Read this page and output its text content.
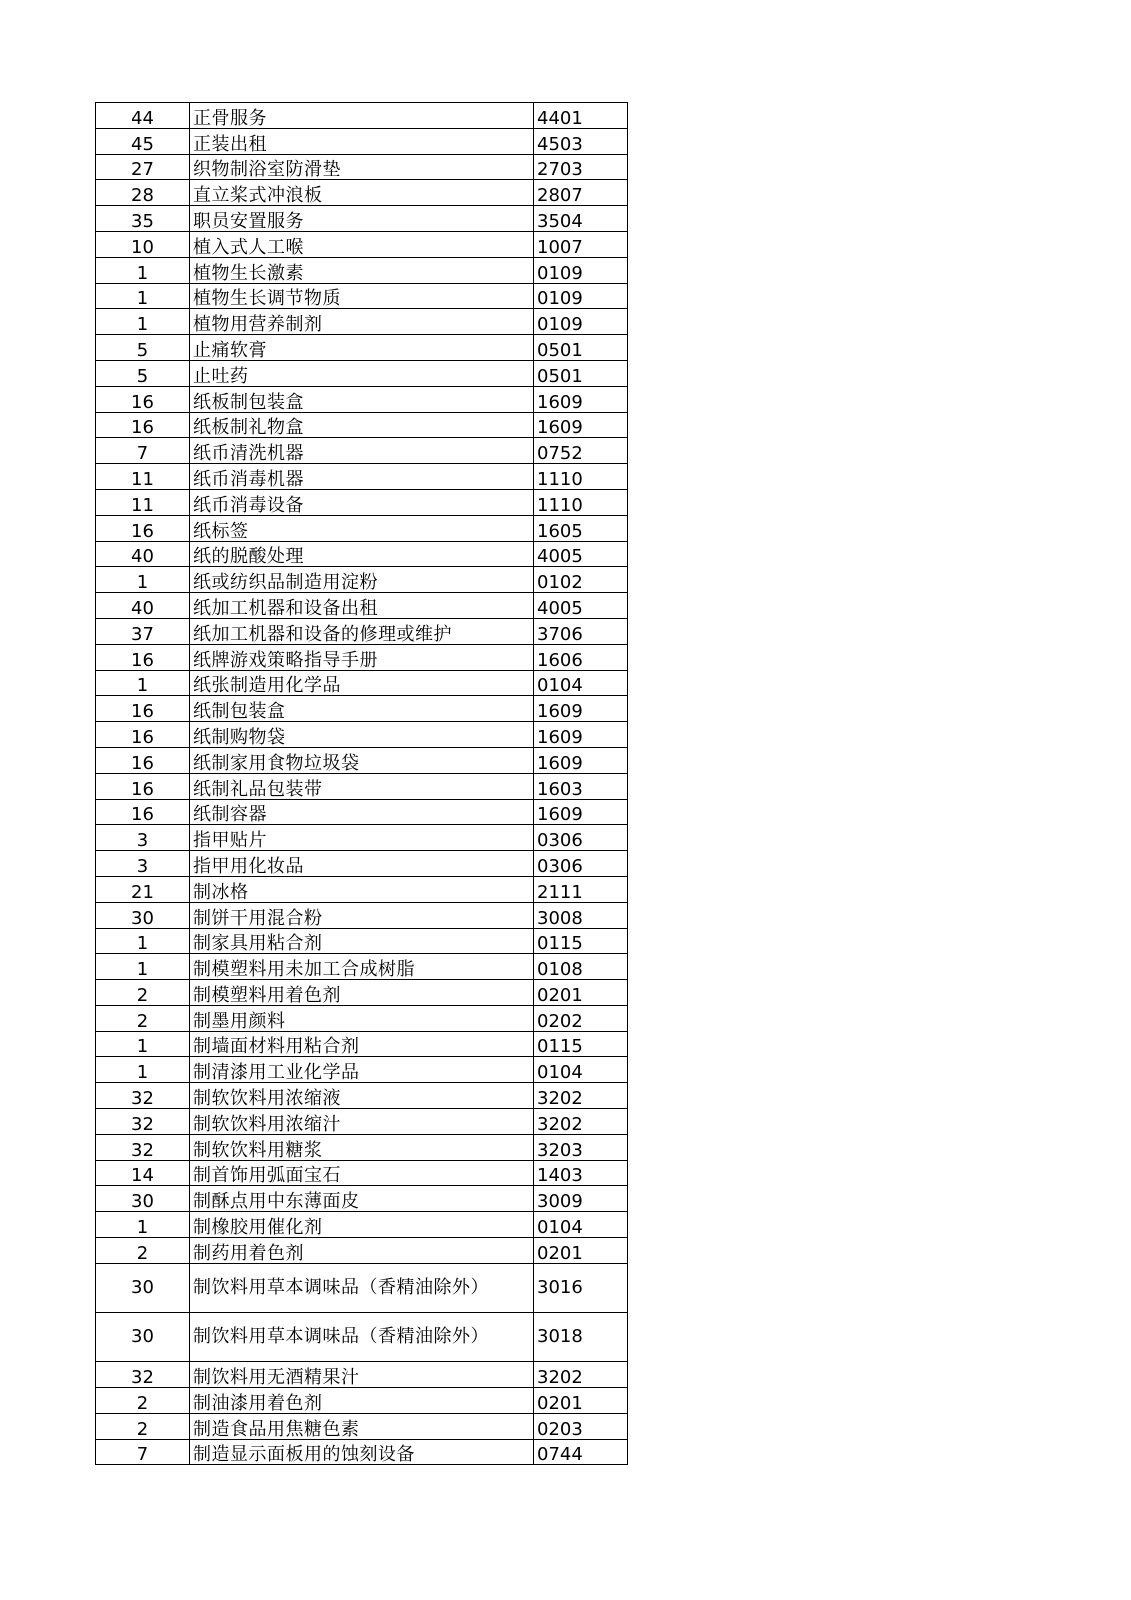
44	正骨服务	4401
45	正装出租	4503
27	织物制浴室防滑垫	2703
28	直立桨式冲浪板	2807
35	职员安置服务	3504
10	植入式人工喉	1007
1	植物生长激素	0109
1	植物生长调节物质	0109
1	植物用营养制剂	0109
5	止痛软膏	0501
5	止吐药	0501
16	纸板制包装盒	1609
16	纸板制礼物盒	1609
7	纸币清洗机器	0752
11	纸币消毒机器	1110
11	纸币消毒设备	1110
16	纸标签	1605
40	纸的脱酸处理	4005
1	纸或纺织品制造用淀粉	0102
40	纸加工机器和设备出租	4005
37	纸加工机器和设备的修理或维护	3706
16	纸牌游戏策略指导手册	1606
1	纸张制造用化学品	0104
16	纸制包装盒	1609
16	纸制购物袋	1609
16	纸制家用食物垃圾袋	1609
16	纸制礼品包装带	1603
16	纸制容器	1609
3	指甲贴片	0306
3	指甲用化妆品	0306
21	制冰格	2111
30	制饼干用混合粉	3008
1	制家具用粘合剂	0115
1	制模塑料用未加工合成树脂	0108
2	制模塑料用着色剂	0201
2	制墨用颜料	0202
1	制墙面材料用粘合剂	0115
1	制清漆用工业化学品	0104
32	制软饮料用浓缩液	3202
32	制软饮料用浓缩汁	3202
32	制软饮料用糖浆	3203
14	制首饰用弧面宝石	1403
30	制酥点用中东薄面皮	3009
1	制橡胶用催化剂	0104
2	制药用着色剂	0201
30	制饮料用草本调味品（香精油除外）	3016
30	制饮料用草本调味品（香精油除外）	3018
32	制饮料用无酒精果汁	3202
2	制油漆用着色剂	0201
2	制造食品用焦糖色素	0203
7	制造显示面板用的蚀刻设备	0744
